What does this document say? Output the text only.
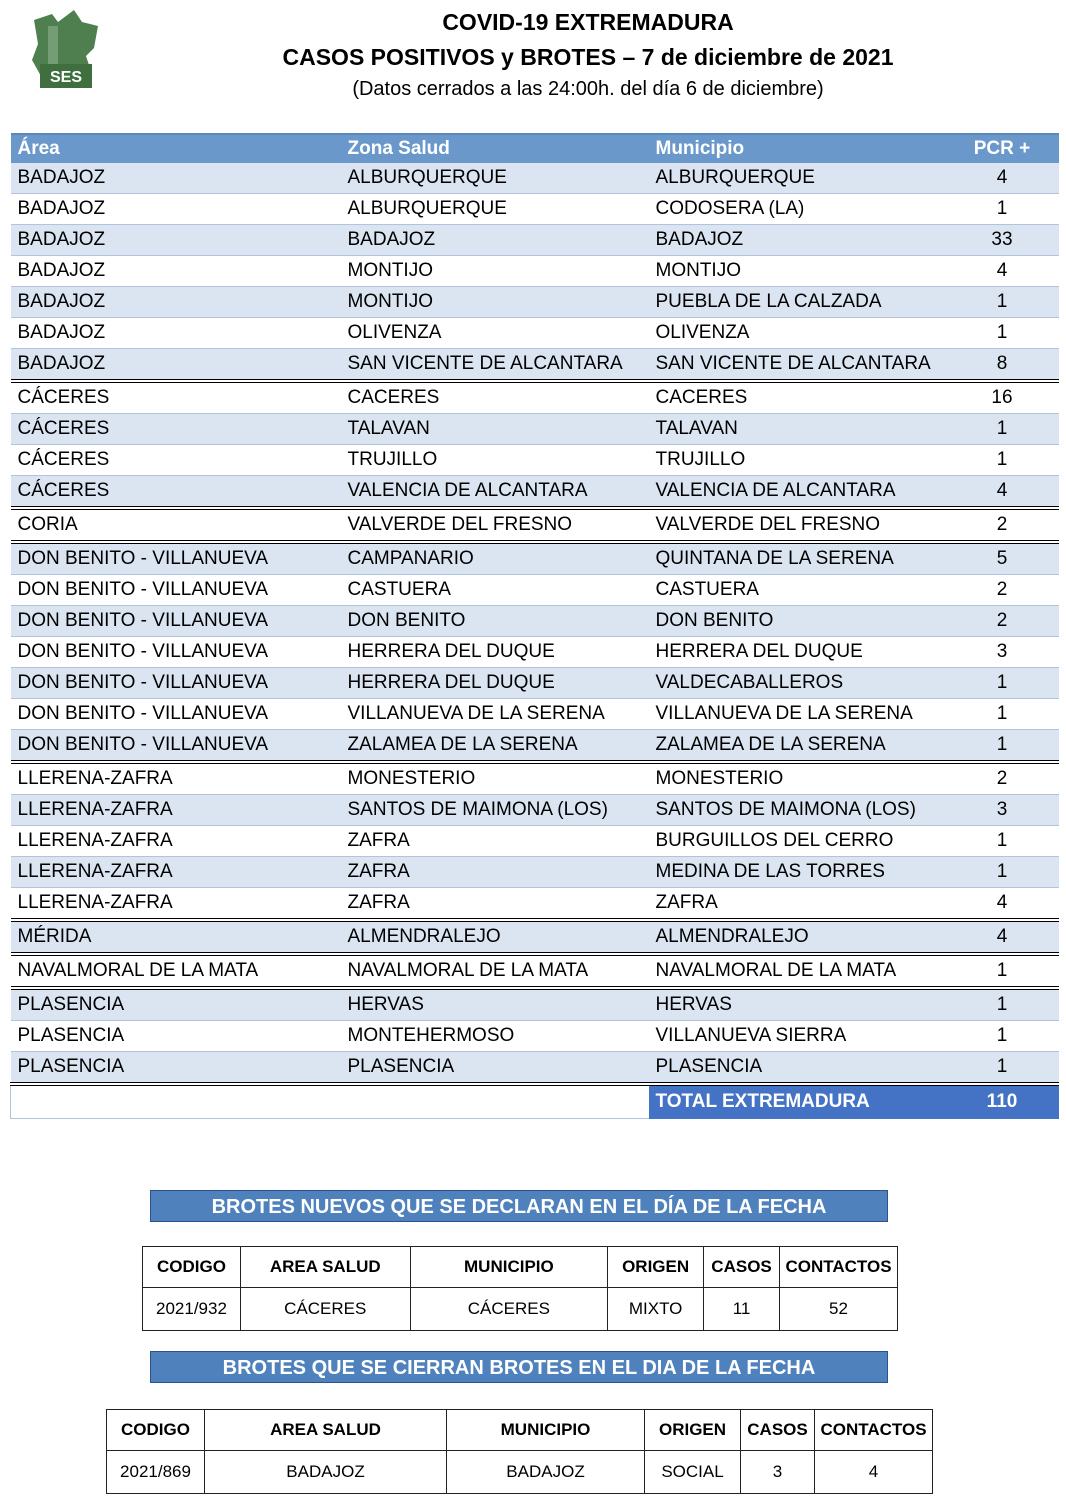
SES
COVID-19 EXTREMADURA
CASOS POSITIVOS y BROTES – 7 de diciembre de 2021
(Datos cerrados a las 24:00h. del día 6 de diciembre)
Área	Zona Salud	Municipio	PCR +
BADAJOZ	ALBURQUERQUE	ALBURQUERQUE	4
BADAJOZ	ALBURQUERQUE	CODOSERA (LA)	1
BADAJOZ	BADAJOZ	BADAJOZ	33
BADAJOZ	MONTIJO	MONTIJO	4
BADAJOZ	MONTIJO	PUEBLA DE LA CALZADA	1
BADAJOZ	OLIVENZA	OLIVENZA	1
BADAJOZ	SAN VICENTE DE ALCANTARA	SAN VICENTE DE ALCANTARA	8
CÁCERES	CACERES	CACERES	16
CÁCERES	TALAVAN	TALAVAN	1
CÁCERES	TRUJILLO	TRUJILLO	1
CÁCERES	VALENCIA DE ALCANTARA	VALENCIA DE ALCANTARA	4
CORIA	VALVERDE DEL FRESNO	VALVERDE DEL FRESNO	2
DON BENITO - VILLANUEVA	CAMPANARIO	QUINTANA DE LA SERENA	5
DON BENITO - VILLANUEVA	CASTUERA	CASTUERA	2
DON BENITO - VILLANUEVA	DON BENITO	DON BENITO	2
DON BENITO - VILLANUEVA	HERRERA DEL DUQUE	HERRERA DEL DUQUE	3
DON BENITO - VILLANUEVA	HERRERA DEL DUQUE	VALDECABALLEROS	1
DON BENITO - VILLANUEVA	VILLANUEVA DE LA SERENA	VILLANUEVA DE LA SERENA	1
DON BENITO - VILLANUEVA	ZALAMEA DE LA SERENA	ZALAMEA DE LA SERENA	1
LLERENA-ZAFRA	MONESTERIO	MONESTERIO	2
LLERENA-ZAFRA	SANTOS DE MAIMONA (LOS)	SANTOS DE MAIMONA (LOS)	3
LLERENA-ZAFRA	ZAFRA	BURGUILLOS DEL CERRO	1
LLERENA-ZAFRA	ZAFRA	MEDINA DE LAS TORRES	1
LLERENA-ZAFRA	ZAFRA	ZAFRA	4
MÉRIDA	ALMENDRALEJO	ALMENDRALEJO	4
NAVALMORAL DE LA MATA	NAVALMORAL DE LA MATA	NAVALMORAL DE LA MATA	1
PLASENCIA	HERVAS	HERVAS	1
PLASENCIA	MONTEHERMOSO	VILLANUEVA SIERRA	1
PLASENCIA	PLASENCIA	PLASENCIA	1
		TOTAL EXTREMADURA	110
BROTES NUEVOS QUE SE DECLARAN EN EL DÍA DE LA FECHA
CODIGO	AREA SALUD	MUNICIPIO	ORIGEN	CASOS	CONTACTOS
2021/932	CÁCERES	CÁCERES	MIXTO	11	52
BROTES QUE SE CIERRAN BROTES EN EL DIA DE LA FECHA
CODIGO	AREA SALUD	MUNICIPIO	ORIGEN	CASOS	CONTACTOS
2021/869	BADAJOZ	BADAJOZ	SOCIAL	3	4
